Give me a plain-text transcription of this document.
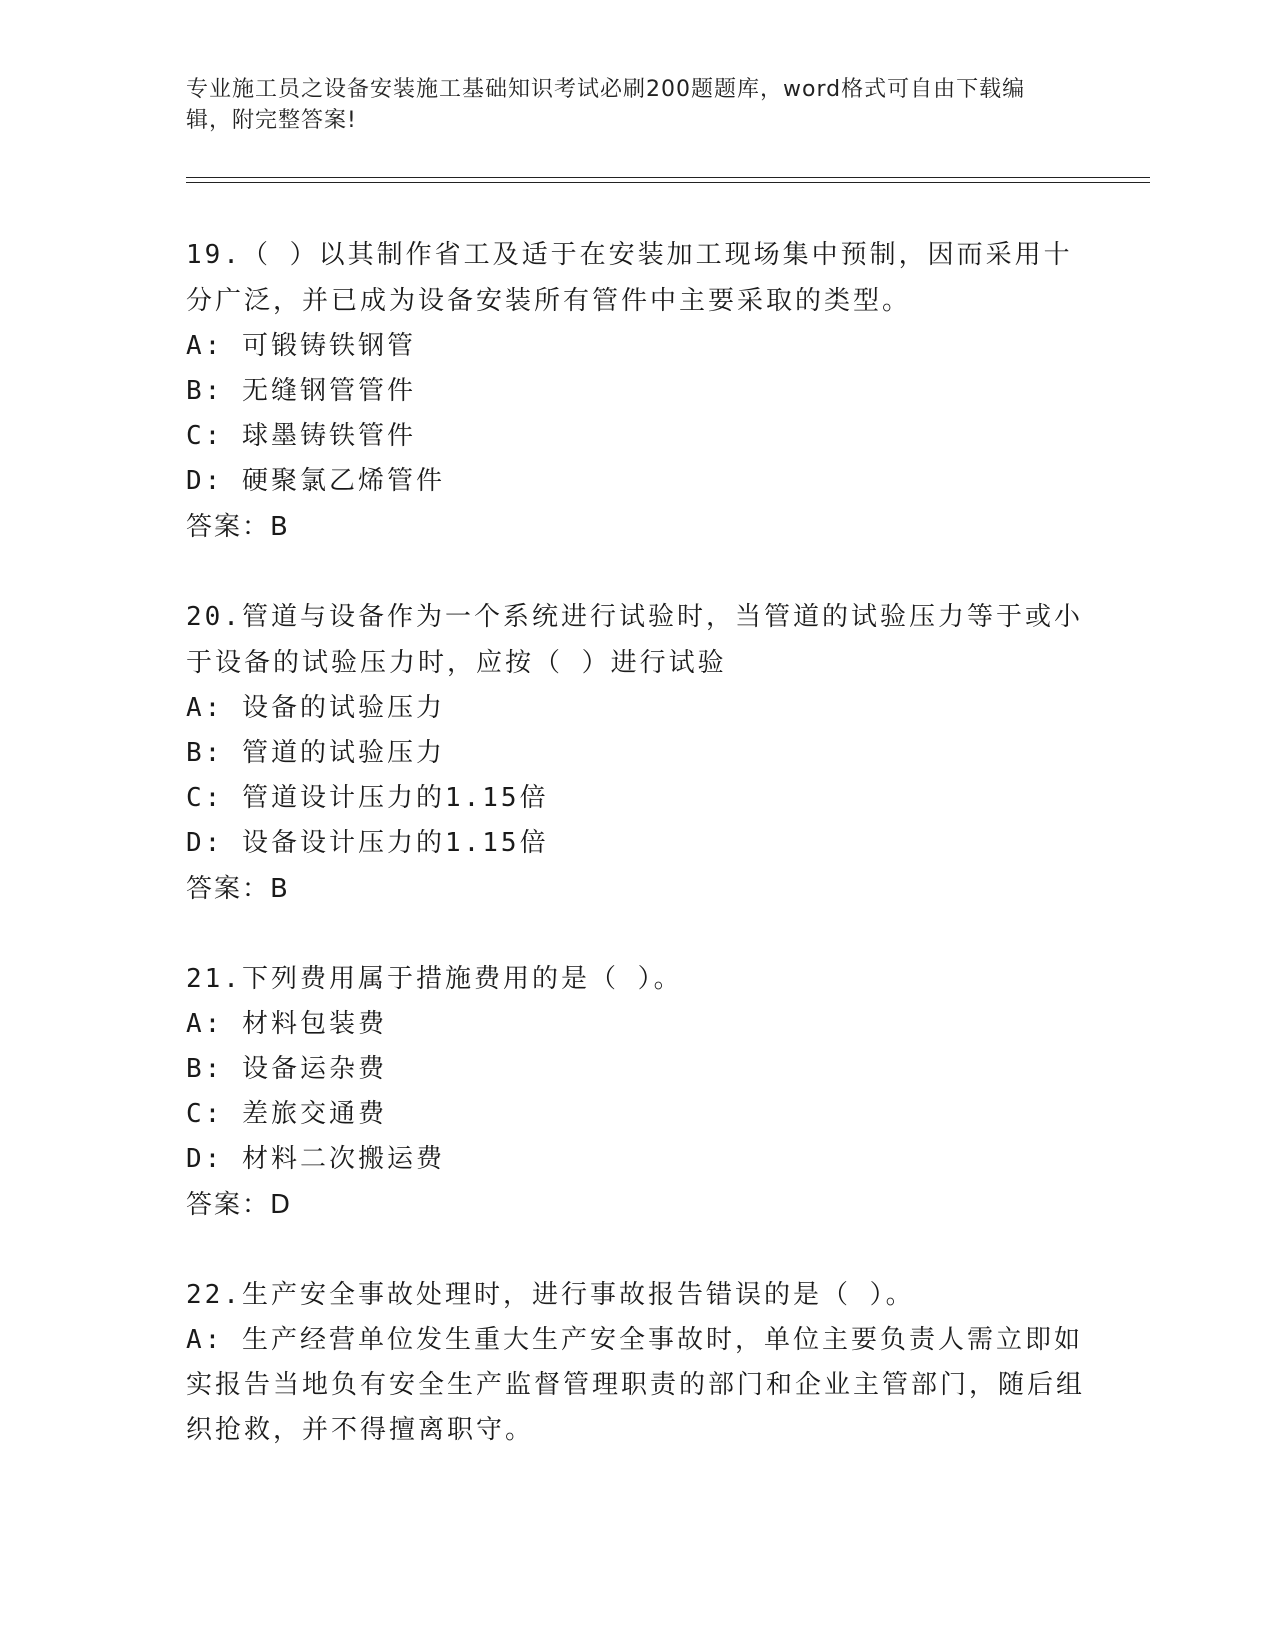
专业施工员之设备安装施工基础知识考试必刷200题题库，word格式可自由下载编辑，附完整答案!
19.（ ）以其制作省工及适于在安装加工现场集中预制，因而采用十分广泛，并已成为设备安装所有管件中主要采取的类型。
A: 可锻铸铁钢管
B: 无缝钢管管件
C: 球墨铸铁管件
D: 硬聚氯乙烯管件
答案：B
20.管道与设备作为一个系统进行试验时，当管道的试验压力等于或小于设备的试验压力时，应按（ ）进行试验
A: 设备的试验压力
B: 管道的试验压力
C: 管道设计压力的1.15倍
D: 设备设计压力的1.15倍
答案：B
21.下列费用属于措施费用的是（ ）。
A: 材料包装费
B: 设备运杂费
C: 差旅交通费
D: 材料二次搬运费
答案：D
22.生产安全事故处理时，进行事故报告错误的是（ ）。
A: 生产经营单位发生重大生产安全事故时，单位主要负责人需立即如实报告当地负有安全生产监督管理职责的部门和企业主管部门，随后组织抢救，并不得擅离职守。
